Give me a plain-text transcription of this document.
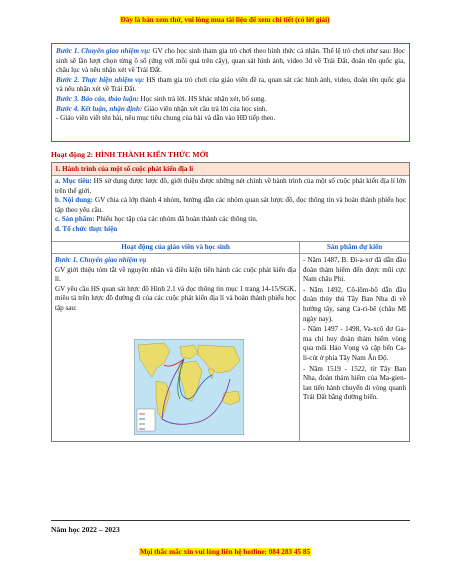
Đây là bản xem thử, vui lòng mua tài liệu để xem chi tiết (có lời giải)

Bước 1. Chuyển giao nhiệm vụ: GV cho học sinh tham gia trò chơi theo hình thức cá nhân. Thể lệ trò chơi như sau: Học sinh sẽ lần lượt chọn từng ô số (ứng với mỗi quả trên cây), quan sát hình ảnh, video 3d về Trái Đất, đoán tên quốc gia, châu lục và nêu nhận xét về Trái Đất.

Bước 2. Thực hiện nhiệm vụ: HS tham gia trò chơi của giáo viên đề ra, quan sát các hình ảnh, video, đoán tên quốc gia và nêu nhận xét về Trái Đất.

Bước 3. Báo cáo, thảo luận: Học sinh trả lời. HS khác nhận xét, bổ sung.

Bước 4. Kết luận, nhận định: Giáo viên nhận xét câu trả lời của học sinh.

- Giáo viên viết tên bài, nêu mục tiêu chung của bài và dẫn vào HĐ tiếp theo.

Hoạt động 2: HÌNH THÀNH KIẾN THỨC MỚI
1. Hành trình của một số cuộc phát kiến địa lí

a. Mục tiêu: HS sử dụng được lược đồ, giới thiệu được những nét chính về hành trình của một số cuộc phát kiến địa lí lớn trên thế giới.

b. Nội dung: GV chia cả lớp thành 4 nhóm, hướng dẫn các nhóm quan sát lược đồ, đọc thông tin và hoàn thành phiếu học tập theo yêu cầu.

c. Sản phẩm: Phiếu học tập của các nhóm đã hoàn thành các thông tin.

d. Tổ chức thực hiện

Hoạt động của giáo viên và học sinh	Sản phẩm dự kiến

Bước 1. Chuyển giao nhiệm vụ

GV giới thiệu tóm tắt về nguyên nhân và điều kiện tiến hành các cuộc phát kiến địa lí.

GV yêu cầu HS quan sát lược đồ Hình 2.1 và đọc thông tin mục 1 trang 14-15/SGK, miêu tả trên lược đồ đường đi của các cuộc phát kiến địa lí và hoàn thành phiếu học tập sau:

- Năm 1487, B. Đi-a-xơ đã dẫn đầu đoàn thám hiểm đến được mũi cực Nam châu Phi.

- Năm 1492, Cô-lôm-bô dẫn đầu đoàn thủy thủ Tây Ban Nha đi về hướng tây, sang Ca-ri-bê (châu Mĩ ngày nay).

- Năm 1497 - 1498, Va-xcô đơ Ga-ma chỉ huy đoàn thám hiểm vòng qua mũi Hảo Vọng và cập bến Ca-li-cút ở phía Tây Nam Ấn Độ.

- Năm 1519 - 1522, từ Tây Ban Nha, đoàn thám hiểm của Ma-gien-lan tiến hành chuyến đi vòng quanh Trái Đất bằng đường biển.

Năm học 2022 – 2023
Mọi thắc mắc xin vui lòng liên hệ hotline: 084 283 45 85
